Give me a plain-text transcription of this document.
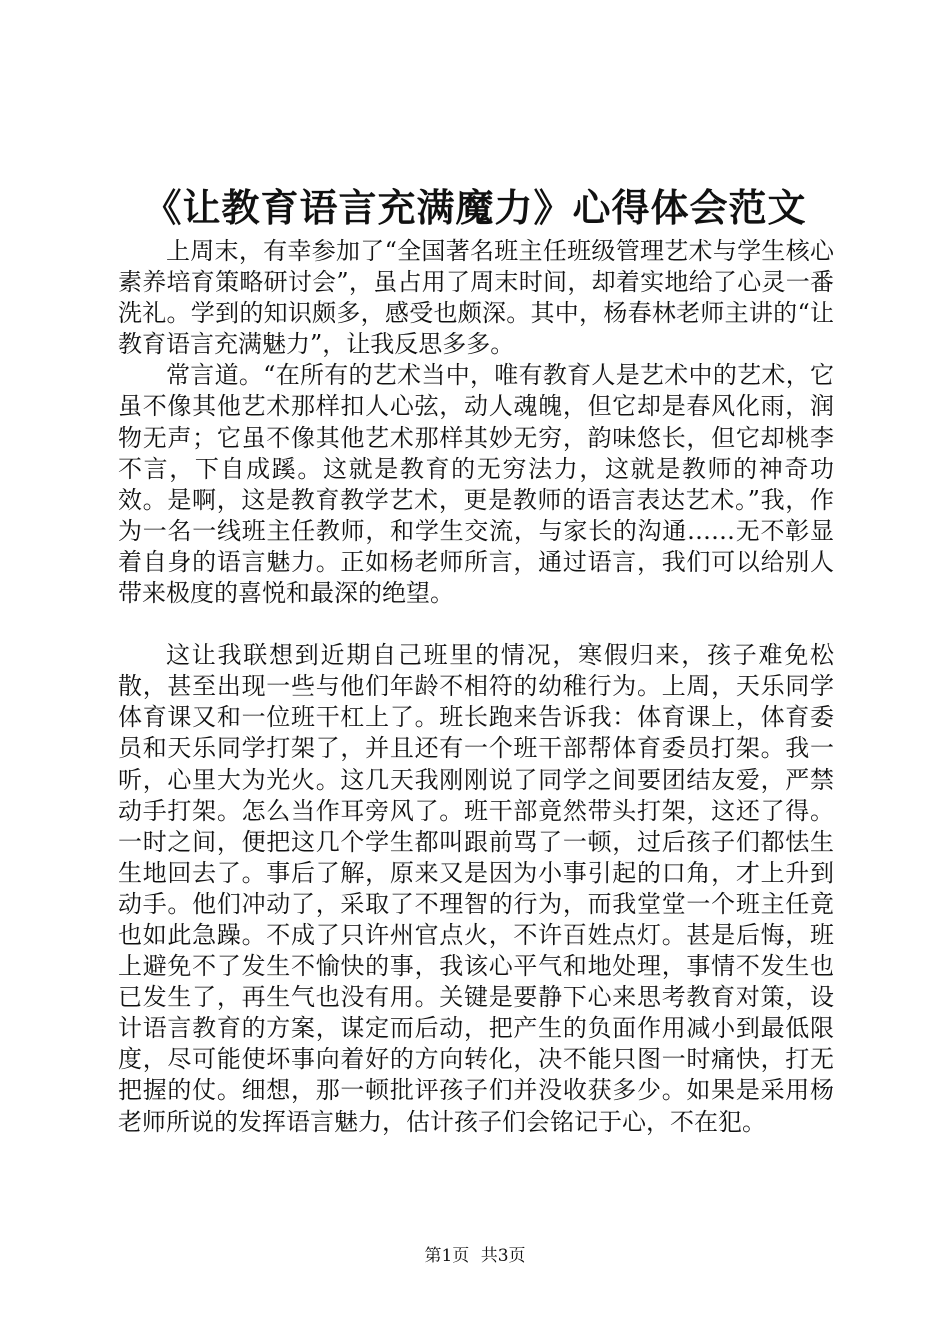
《让教育语言充满魔力》心得体会范文

上周末，有幸参加了“全国著名班主任班级管理艺术与学生核心素养培育策略研讨会”，虽占用了周末时间，却着实地给了心灵一番洗礼。学到的知识颇多，感受也颇深。其中，杨春林老师主讲的“让教育语言充满魅力”，让我反思多多。

常言道。“在所有的艺术当中，唯有教育人是艺术中的艺术，它虽不像其他艺术那样扣人心弦，动人魂魄，但它却是春风化雨，润物无声；它虽不像其他艺术那样其妙无穷，韵味悠长，但它却桃李不言，下自成蹊。这就是教育的无穷法力，这就是教师的神奇功效。是啊，这是教育教学艺术，更是教师的语言表达艺术。”我，作为一名一线班主任教师，和学生交流，与家长的沟通……无不彰显着自身的语言魅力。正如杨老师所言，通过语言，我们可以给别人带来极度的喜悦和最深的绝望。

这让我联想到近期自己班里的情况，寒假归来，孩子难免松散，甚至出现一些与他们年龄不相符的幼稚行为。上周，天乐同学体育课又和一位班干杠上了。班长跑来告诉我：体育课上，体育委员和天乐同学打架了，并且还有一个班干部帮体育委员打架。我一听，心里大为光火。这几天我刚刚说了同学之间要团结友爱，严禁动手打架。怎么当作耳旁风了。班干部竟然带头打架，这还了得。一时之间，便把这几个学生都叫跟前骂了一顿，过后孩子们都怯生生地回去了。事后了解，原来又是因为小事引起的口角，才上升到动手。他们冲动了，采取了不理智的行为，而我堂堂一个班主任竟也如此急躁。不成了只许州官点火，不许百姓点灯。甚是后悔，班上避免不了发生不愉快的事，我该心平气和地处理，事情不发生也已发生了，再生气也没有用。关键是要静下心来思考教育对策，设计语言教育的方案，谋定而后动，把产生的负面作用减小到最低限度，尽可能使坏事向着好的方向转化，决不能只图一时痛快，打无把握的仗。细想，那一顿批评孩子们并没收获多少。如果是采用杨老师所说的发挥语言魅力，估计孩子们会铭记于心，不在犯。

第1页 共3页
